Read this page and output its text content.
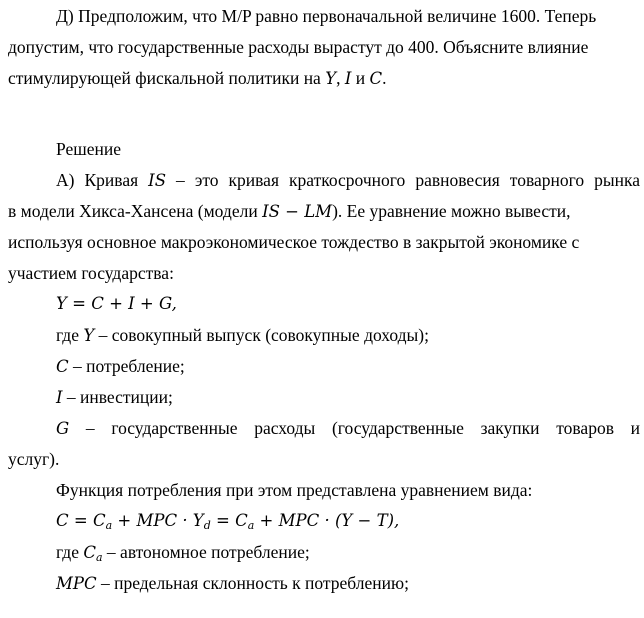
Д) Предположим, что M/P равно первоначальной величине 1600. Теперь
допустим, что государственные расходы вырастут до 400. Объясните влияние
стимулирующей фискальной политики на Y, I и C.
Решение
А) Кривая IS – это кривая краткосрочного равновесия товарного рынка
в модели Хикса-Хансена (модели IS − LM). Ее уравнение можно вывести,
используя основное макроэкономическое тождество в закрытой экономике с
участием государства:
Y = C + I + G,
где Y – совокупный выпуск (совокупные доходы);
C – потребление;
I – инвестиции;
G – государственные расходы (государственные закупки товаров и
услуг).
Функция потребления при этом представлена уравнением вида:
$C = C_a$ + MPC · $Y_d = C_a$ + MPC · (Y − T),
где $C_a$ – автономное потребление;
MPC – предельная склонность к потреблению;
